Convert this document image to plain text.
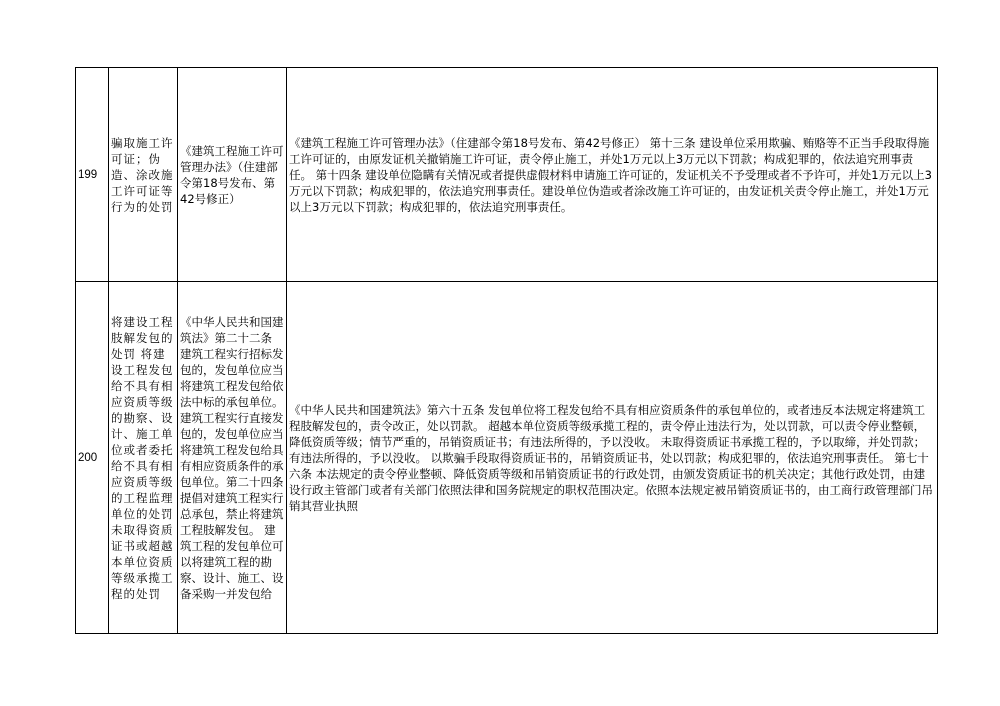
199	骗取施工许可证；伪造、涂改施工许可证等行为的处罚	《建筑工程施工许可管理办法》（住建部令第18号发布、第42号修正）	《建筑工程施工许可管理办法》（住建部令第18号发布、第42号修正） 第十三条 建设单位采用欺骗、贿赂等不正当手段取得施工许可证的，由原发证机关撤销施工许可证，责令停止施工，并处1万元以上3万元以下罚款；构成犯罪的，依法追究刑事责任。 第十四条 建设单位隐瞒有关情况或者提供虚假材料申请施工许可证的，发证机关不予受理或者不予许可，并处1万元以上3万元以下罚款；构成犯罪的，依法追究刑事责任。建设单位伪造或者涂改施工许可证的，由发证机关责令停止施工，并处1万元以上3万元以下罚款；构成犯罪的，依法追究刑事责任。
200	将建设工程肢解发包的处罚 将建设工程发包给不具有相应资质等级的勘察、设计、施工单位或者委托给不具有相应资质等级的工程监理单位的处罚 未取得资质证书或超越本单位资质等级承揽工程的处罚	《中华人民共和国建筑法》第二十二条 建筑工程实行招标发包的，发包单位应当将建筑工程发包给依法中标的承包单位。建筑工程实行直接发包的，发包单位应当将建筑工程发包给具有相应资质条件的承包单位。第二十四条 提倡对建筑工程实行总承包，禁止将建筑工程肢解发包。 建筑工程的发包单位可以将建筑工程的勘察、设计、施工、设备采购一并发包给	《中华人民共和国建筑法》第六十五条 发包单位将工程发包给不具有相应资质条件的承包单位的，或者违反本法规定将建筑工程肢解发包的，责令改正，处以罚款。 超越本单位资质等级承揽工程的，责令停止违法行为，处以罚款，可以责令停业整顿，降低资质等级；情节严重的，吊销资质证书；有违法所得的，予以没收。 未取得资质证书承揽工程的，予以取缔，并处罚款；有违法所得的，予以没收。 以欺骗手段取得资质证书的，吊销资质证书，处以罚款；构成犯罪的，依法追究刑事责任。 第七十六条 本法规定的责令停业整顿、降低资质等级和吊销资质证书的行政处罚，由颁发资质证书的机关决定；其他行政处罚，由建设行政主管部门或者有关部门依照法律和国务院规定的职权范围决定。依照本法规定被吊销资质证书的，由工商行政管理部门吊销其营业执照
